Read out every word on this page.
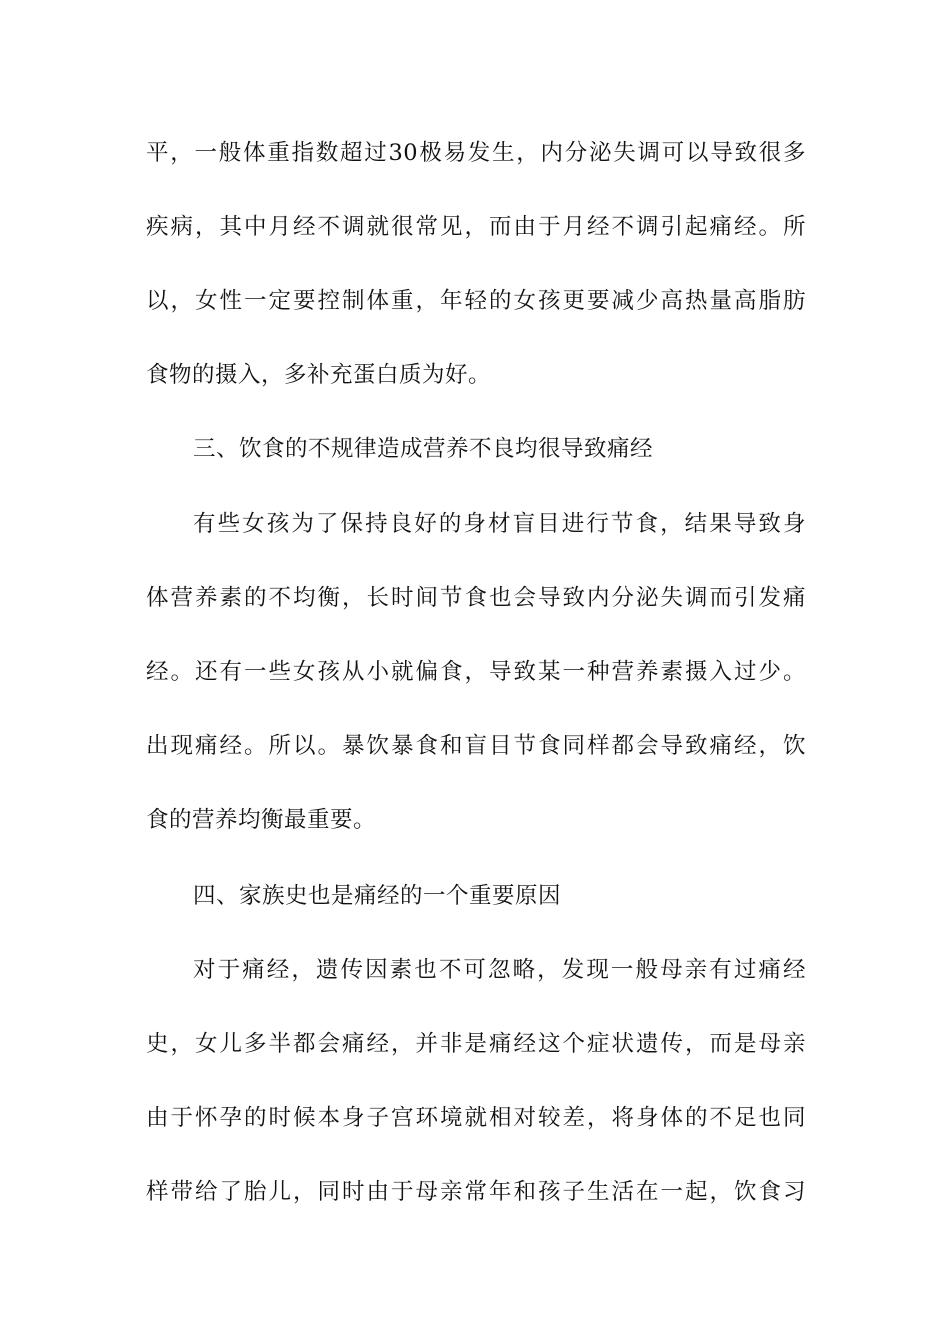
平，一般体重指数超过30极易发生，内分泌失调可以导致很多
疾病，其中月经不调就很常见，而由于月经不调引起痛经。所
以，女性一定要控制体重，年轻的女孩更要减少高热量高脂肪
食物的摄入，多补充蛋白质为好。
三、饮食的不规律造成营养不良均很导致痛经
有些女孩为了保持良好的身材盲目进行节食，结果导致身
体营养素的不均衡，长时间节食也会导致内分泌失调而引发痛
经。还有一些女孩从小就偏食，导致某一种营养素摄入过少。
出现痛经。所以。暴饮暴食和盲目节食同样都会导致痛经，饮
食的营养均衡最重要。
四、家族史也是痛经的一个重要原因
对于痛经，遗传因素也不可忽略，发现一般母亲有过痛经
史，女儿多半都会痛经，并非是痛经这个症状遗传，而是母亲
由于怀孕的时候本身子宫环境就相对较差，将身体的不足也同
样带给了胎儿，同时由于母亲常年和孩子生活在一起，饮食习
